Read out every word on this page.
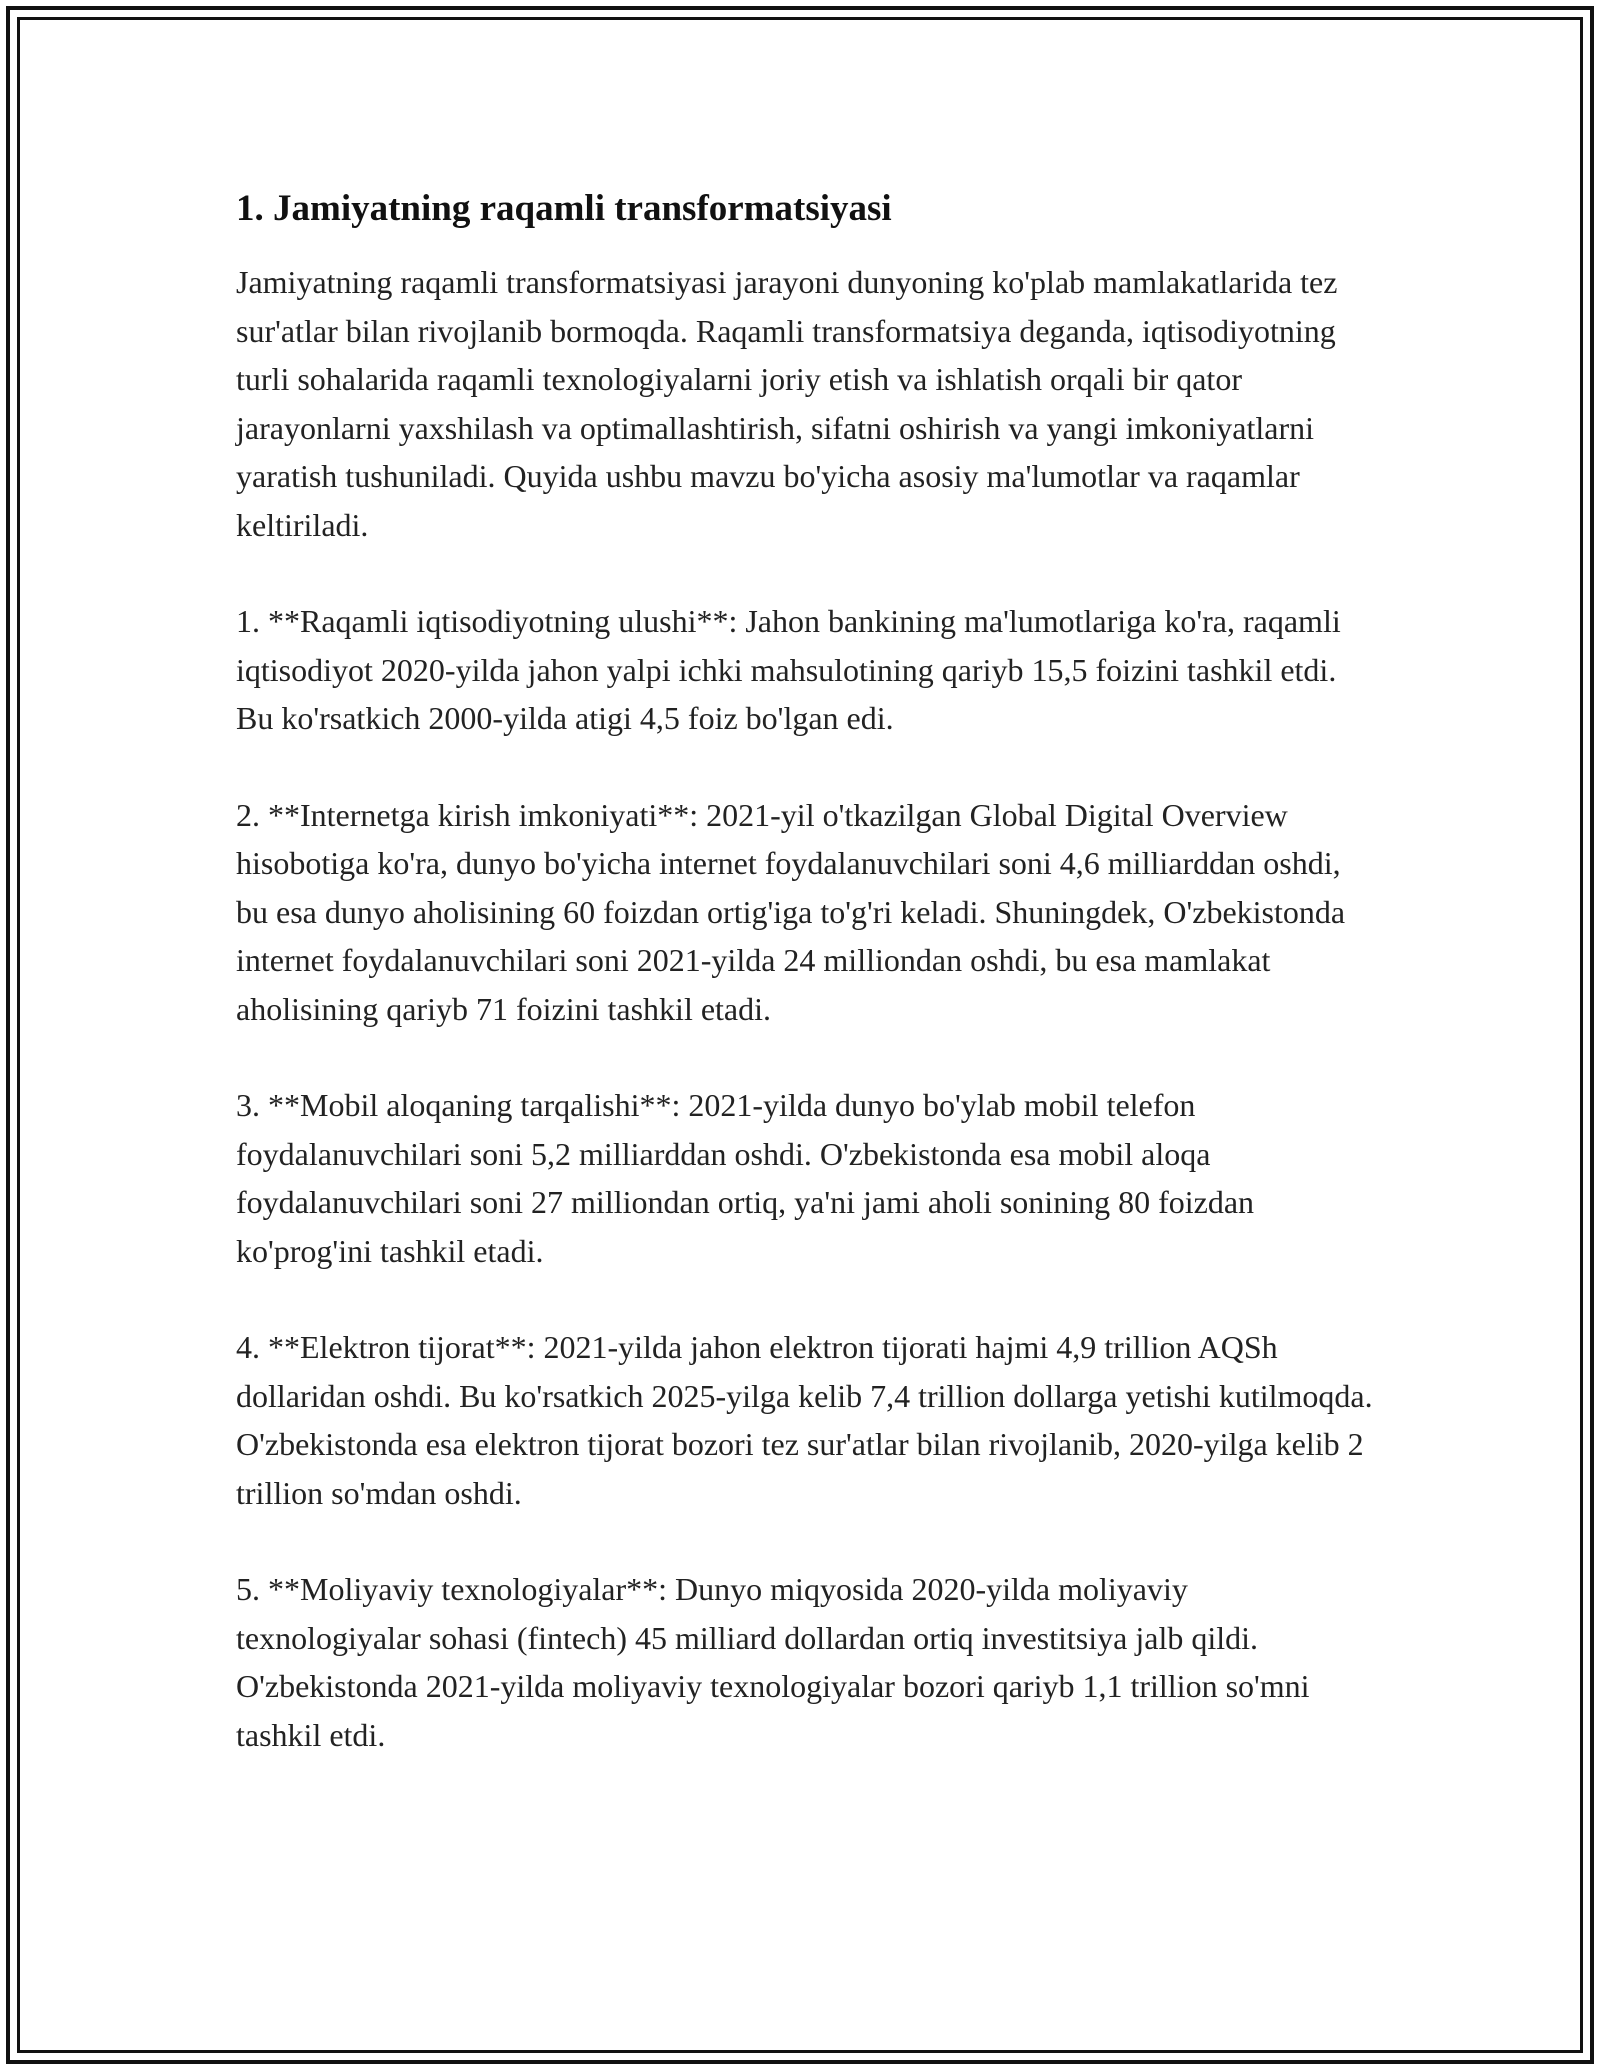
1. Jamiyatning raqamli transformatsiyasi

Jamiyatning raqamli transformatsiyasi jarayoni dunyoning ko'plab mamlakatlarida tez sur'atlar bilan rivojlanib bormoqda. Raqamli transformatsiya deganda, iqtisodiyotning turli sohalarida raqamli texnologiyalarni joriy etish va ishlatish orqali bir qator jarayonlarni yaxshilash va optimallashtirish, sifatni oshirish va yangi imkoniyatlarni yaratish tushuniladi. Quyida ushbu mavzu bo'yicha asosiy ma'lumotlar va raqamlar keltiriladi.

1. **Raqamli iqtisodiyotning ulushi**: Jahon bankining ma'lumotlariga ko'ra, raqamli iqtisodiyot 2020-yilda jahon yalpi ichki mahsulotining qariyb 15,5 foizini tashkil etdi. Bu ko'rsatkich 2000-yilda atigi 4,5 foiz bo'lgan edi.

2. **Internetga kirish imkoniyati**: 2021-yil o'tkazilgan Global Digital Overview hisobotiga ko'ra, dunyo bo'yicha internet foydalanuvchilari soni 4,6 milliarddan oshdi, bu esa dunyo aholisining 60 foizdan ortig'iga to'g'ri keladi. Shuningdek, O'zbekistonda internet foydalanuvchilari soni 2021-yilda 24 milliondan oshdi, bu esa mamlakat aholisining qariyb 71 foizini tashkil etadi.

3. **Mobil aloqaning tarqalishi**: 2021-yilda dunyo bo'ylab mobil telefon foydalanuvchilari soni 5,2 milliarddan oshdi. O'zbekistonda esa mobil aloqa foydalanuvchilari soni 27 milliondan ortiq, ya'ni jami aholi sonining 80 foizdan ko'prog'ini tashkil etadi.

4. **Elektron tijorat**: 2021-yilda jahon elektron tijorati hajmi 4,9 trillion AQSh dollaridan oshdi. Bu ko'rsatkich 2025-yilga kelib 7,4 trillion dollarga yetishi kutilmoqda. O'zbekistonda esa elektron tijorat bozori tez sur'atlar bilan rivojlanib, 2020-yilga kelib 2 trillion so'mdan oshdi.

5. **Moliyaviy texnologiyalar**: Dunyo miqyosida 2020-yilda moliyaviy texnologiyalar sohasi (fintech) 45 milliard dollardan ortiq investitsiya jalb qildi. O'zbekistonda 2021-yilda moliyaviy texnologiyalar bozori qariyb 1,1 trillion so'mni tashkil etdi.
